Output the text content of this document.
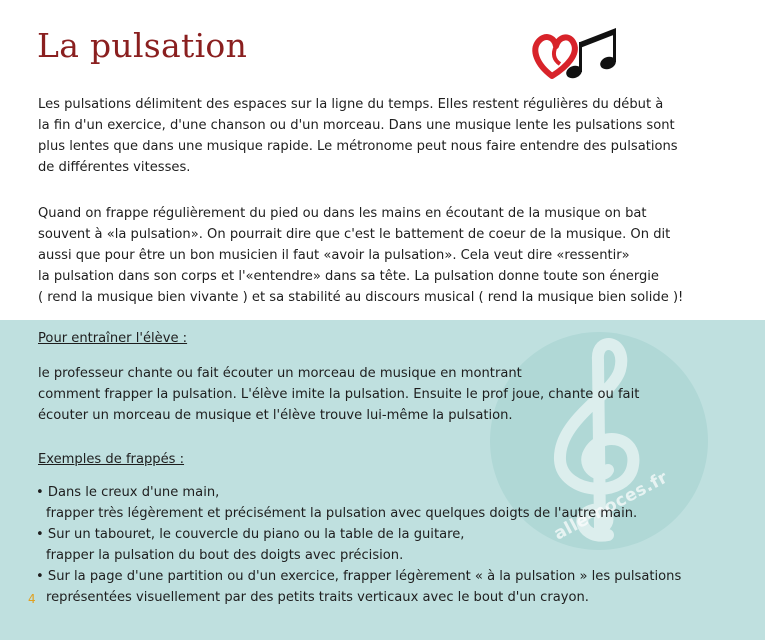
La pulsation

Les pulsations délimitent des espaces sur la ligne du temps. Elles restent régulières du début à
la fin d'un exercice, d'une chanson ou d'un morceau. Dans une musique lente les pulsations sont
plus lentes que dans une musique rapide. Le métronome peut nous faire entendre des pulsations
de différentes vitesses.

Quand on frappe régulièrement du pied ou dans les mains en écoutant de la musique on bat
souvent à «la pulsation». On pourrait dire que c'est le battement de coeur de la musique. On dit
aussi que pour être un bon musicien il faut «avoir la pulsation». Cela veut dire «ressentir»
la pulsation dans son corps et l'«entendre» dans sa tête. La pulsation donne toute son énergie
( rend la musique bien vivante ) et sa stabilité au discours musical ( rend la musique bien solide )!

alle-noces.fr
Pour entraîner l'élève :

le professeur chante ou fait écouter un morceau de musique en montrant
comment frapper la pulsation. L'élève imite la pulsation. Ensuite le prof joue, chante ou fait
écouter un morceau de musique et l'élève trouve lui-même la pulsation.

Exemples de frappés :
• Dans le creux d'une main,
frapper très légèrement et précisément la pulsation avec quelques doigts de l'autre main.
• Sur un tabouret, le couvercle du piano ou la table de la guitare,
frapper la pulsation du bout des doigts avec précision.
• Sur la page d'une partition ou d'un exercice, frapper légèrement « à la pulsation » les pulsations
représentées visuellement par des petits traits verticaux avec le bout d'un crayon.
4
